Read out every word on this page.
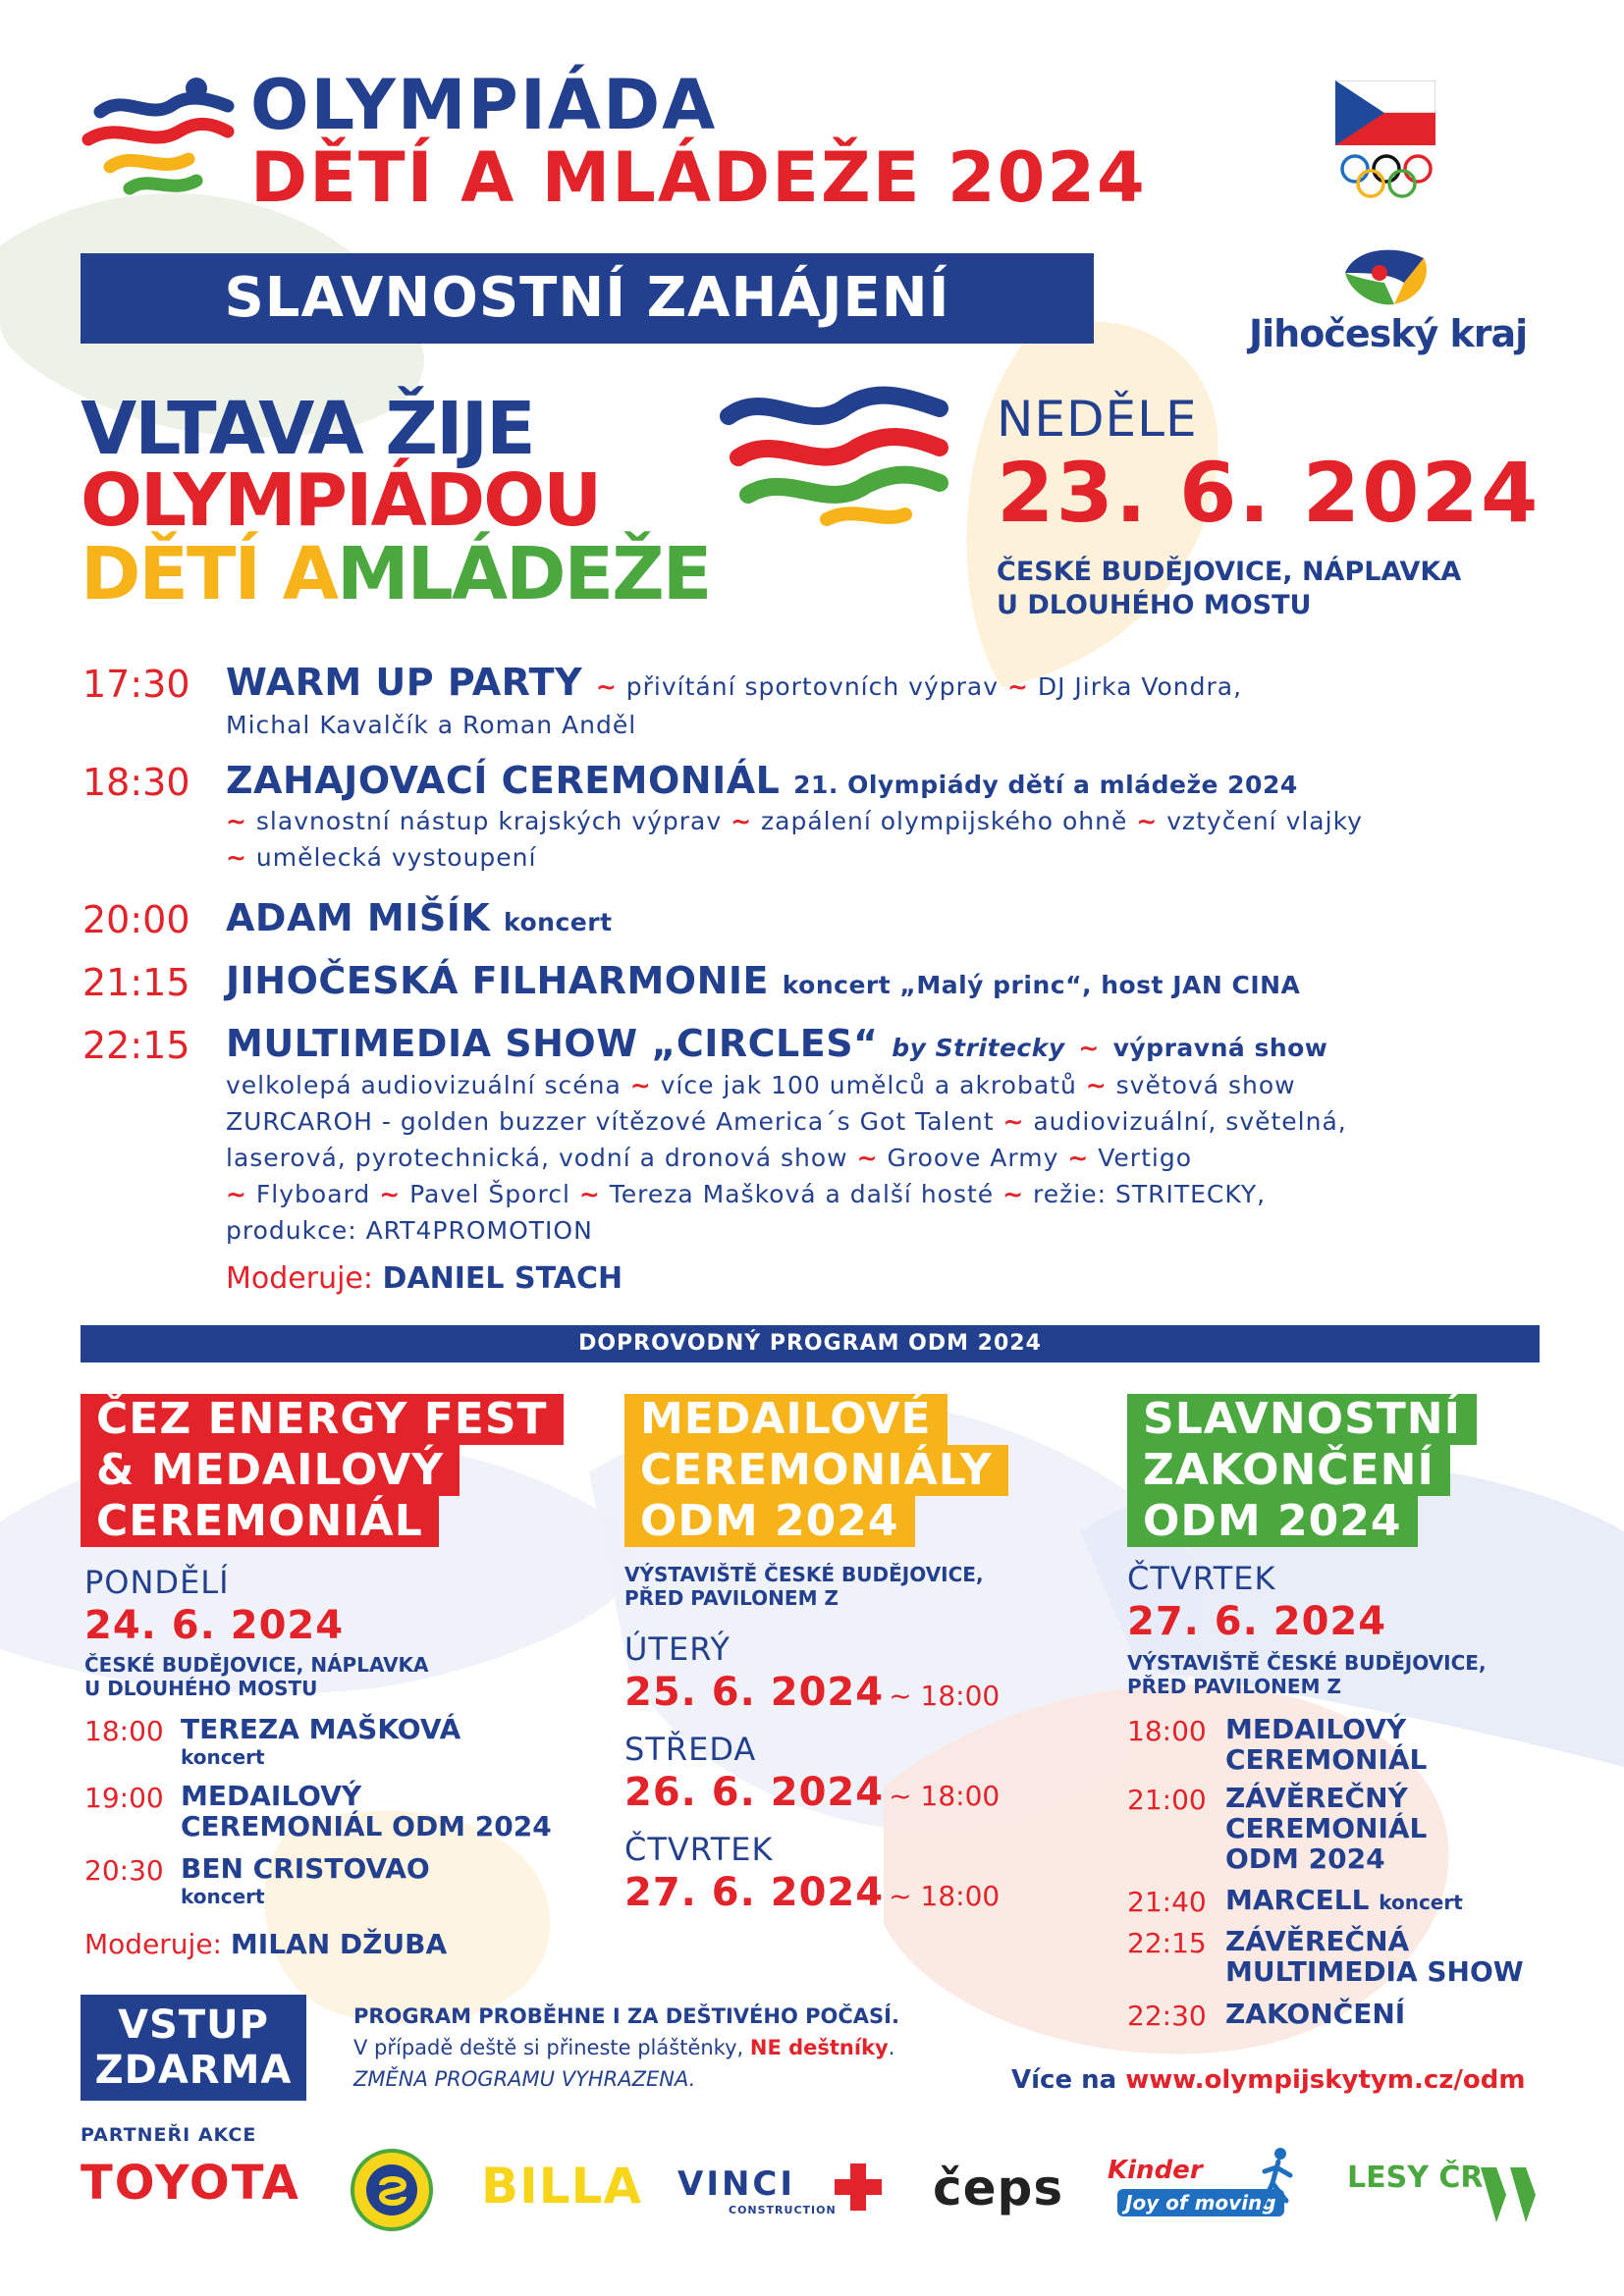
OLYMPIÁDA
DĚTÍ A MLÁDEŽE 2024
SLAVNOSTNÍ ZAHÁJENÍ
Jihočeský kraj
VLTAVA ŽIJE
OLYMPIÁDOU
DĚTÍ AMLÁDEŽE
NEDĚLE
23. 6. 2024
ČESKÉ BUDĚJOVICE, NÁPLAVKA
U DLOUHÉHO MOSTU
17:30 WARM UP PARTY ~ přivítání sportovních výprav ~ DJ Jirka Vondra,
Michal Kavalčík a Roman Anděl
18:30 ZAHAJOVACÍ CEREMONIÁL 21. Olympiády dětí a mládeže 2024
~ slavnostní nástup krajských výprav ~ zapálení olympijského ohně ~ vztyčení vlajky
~ umělecká vystoupení
20:00 ADAM MIŠÍK koncert
21:15 JIHOČESKÁ FILHARMONIE koncert „Malý princ“, host JAN CINA
22:15 MULTIMEDIA SHOW „CIRCLES“ by Stritecky ~ výpravná show
velkolepá audiovizuální scéna ~ více jak 100 umělců a akrobatů ~ světová show
ZURCAROH - golden buzzer vítězové America´s Got Talent ~ audiovizuální, světelná,
laserová, pyrotechnická, vodní a dronová show ~ Groove Army ~ Vertigo
~ Flyboard ~ Pavel Šporcl ~ Tereza Mašková a další hosté ~ režie: STRITECKY,
produkce: ART4PROMOTION
Moderuje: DANIEL STACH
DOPROVODNÝ PROGRAM ODM 2024
ČEZ ENERGY FEST
& MEDAILOVÝ
CEREMONIÁL
PONDĚLÍ
24. 6. 2024
ČESKÉ BUDĚJOVICE, NÁPLAVKA
U DLOUHÉHO MOSTU
18:00 TEREZA MAŠKOVÁ
koncert
19:00 MEDAILOVÝ
CEREMONIÁL ODM 2024
20:30 BEN CRISTOVAO
koncert
Moderuje: MILAN DŽUBA
MEDAILOVÉ
CEREMONIÁLY
ODM 2024
VÝSTAVIŠTĚ ČESKÉ BUDĚJOVICE,
PŘED PAVILONEM Z
ÚTERÝ
25. 6. 2024 ~ 18:00
STŘEDA
26. 6. 2024 ~ 18:00
ČTVRTEK
27. 6. 2024 ~ 18:00
SLAVNOSTNÍ
ZAKONČENÍ
ODM 2024
ČTVRTEK
27. 6. 2024
VÝSTAVIŠTĚ ČESKÉ BUDĚJOVICE,
PŘED PAVILONEM Z
18:00 MEDAILOVÝ
CEREMONIÁL
21:00 ZÁVĚREČNÝ
CEREMONIÁL
ODM 2024
21:40 MARCELL koncert
22:15 ZÁVĚREČNÁ
MULTIMEDIA SHOW
22:30 ZAKONČENÍ
VSTUP
ZDARMA
PROGRAM PROBĚHNE I ZA DEŠTIVÉHO POČASÍ.
V případě deště si přineste pláštěnky, NE deštníky.
ZMĚNA PROGRAMU VYHRAZENA.	Více na www.olympijskytym.cz/odm
PARTNEŘI AKCE
TOYOTA	BILLA VINCI
CONSTRUCTION čeps Kinder
Joy of moving
LESY ČR
